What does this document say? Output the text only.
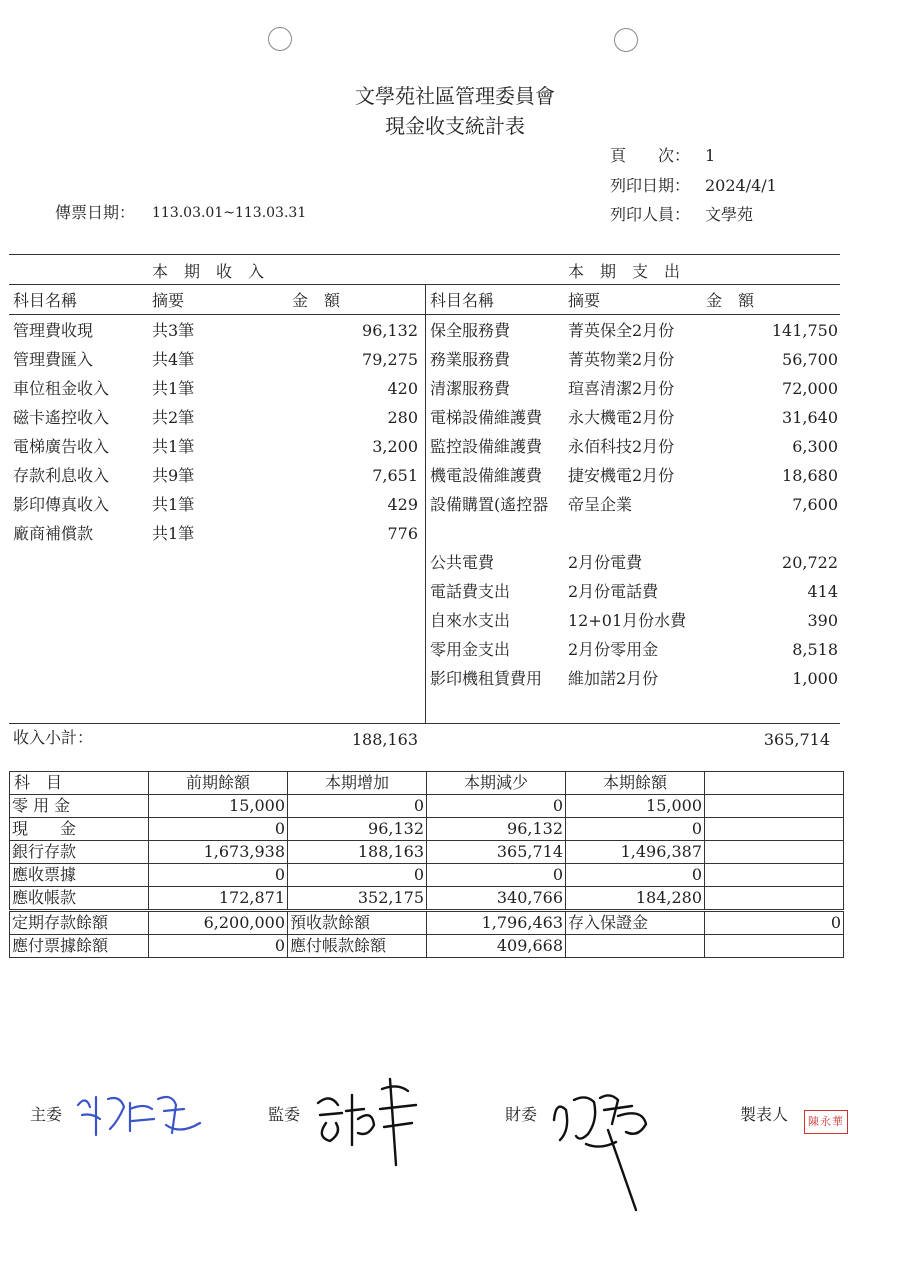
文學苑社區管理委員會
現金收支統計表
頁　　次： 1
列印日期： 2024/4/1
傳票日期： 113.03.01~113.03.31	列印人員： 文學苑
本　期　收　入
科目名稱	摘要	金　額
本　期　支　出
科目名稱	摘要	金　額
管理費收現	共3筆	96,132
管理費匯入	共4筆	79,275
車位租金收入	共1筆	420
磁卡遙控收入	共2筆	280
電梯廣告收入	共1筆	3,200
存款利息收入	共9筆	7,651
影印傳真收入	共1筆	429
廠商補償款	共1筆	776
保全服務費	菁英保全2月份	141,750
務業服務費	菁英物業2月份	56,700
清潔服務費	瑄喜清潔2月份	72,000
電梯設備維護費 永大機電2月份	31,640
監控設備維護費 永佰科技2月份	6,300
機電設備維護費 捷安機電2月份	18,680
設備購置(遙控器	帝呈企業	7,600
公共電費	2月份電費	20,722
電話費支出	2月份電話費	414
自來水支出	12+01月份水費	390
零用金支出	2月份零用金	8,518
影印機租賃費用 維加諾2月份	1,000
收入小計：	188,163	365,714
科　目	前期餘額	本期增加	本期減少	本期餘額	
零 用 金	15,000	0	0	15,000	
現　　金	0	96,132	96,132	0	
銀行存款	1,673,938	188,163	365,714	1,496,387	
應收票據	0	0	0	0	
應收帳款	172,871	352,175	340,766	184,280	
定期存款餘額	6,200,000	預收款餘額	1,796,463	存入保證金	0
應付票據餘額	0	應付帳款餘額	409,668		
主委	監委	財委	製表人	陳永華
